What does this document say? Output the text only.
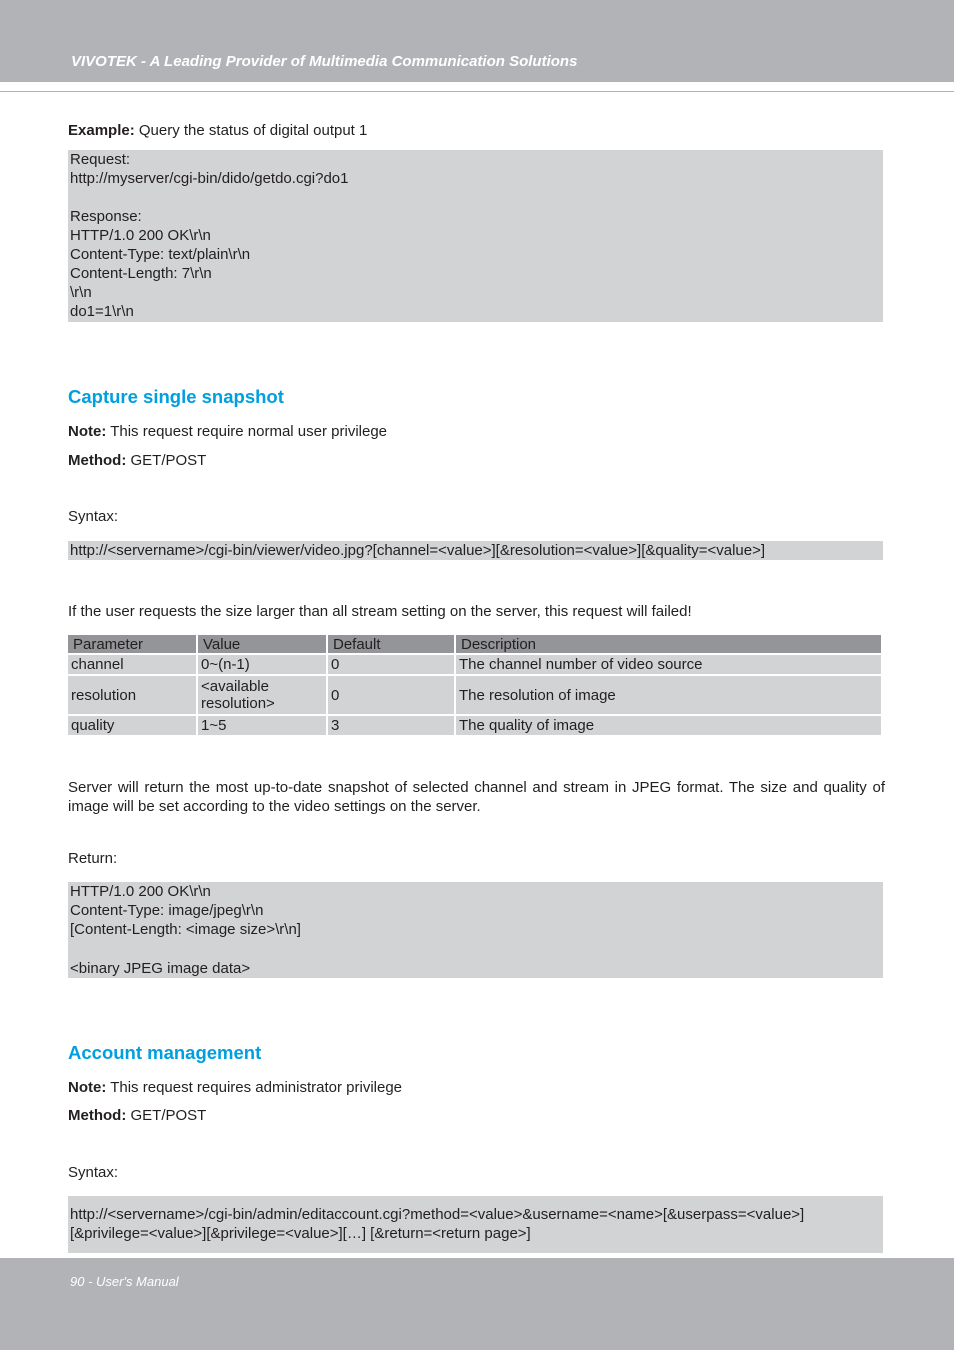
VIVOTEK - A Leading Provider of Multimedia Communication Solutions
Example: Query the status of digital output 1
Request:
http://myserver/cgi-bin/dido/getdo.cgi?do1
Response:
HTTP/1.0 200 OK\r\n
Content-Type: text/plain\r\n
Content-Length: 7\r\n
\r\n
do1=1\r\n
Capture single snapshot
Note: This request require normal user privilege
Method: GET/POST
Syntax:
http://<servername>/cgi-bin/viewer/video.jpg?[channel=<value>][&resolution=<value>][&quality=<value>]
If the user requests the size larger than all stream setting on the server, this request will failed!
Parameter	Value	Default	Description
channel	0~(n-1)	0	The channel number of video source
resolution	<available resolution>	0	The resolution of image
quality	1~5	3	The quality of image
Server will return the most up-to-date snapshot of selected channel and stream in JPEG format. The size and quality of image will be set according to the video settings on the server.
Return:
HTTP/1.0 200 OK\r\n
Content-Type: image/jpeg\r\n
[Content-Length: <image size>\r\n]
<binary JPEG image data>
Account management
Note: This request requires administrator privilege
Method: GET/POST
Syntax:
http://<servername>/cgi-bin/admin/editaccount.cgi?method=<value>&username=<name>[&userpass=<value>]
[&privilege=<value>][&privilege=<value>][…] [&return=<return page>]
90 - User's Manual
